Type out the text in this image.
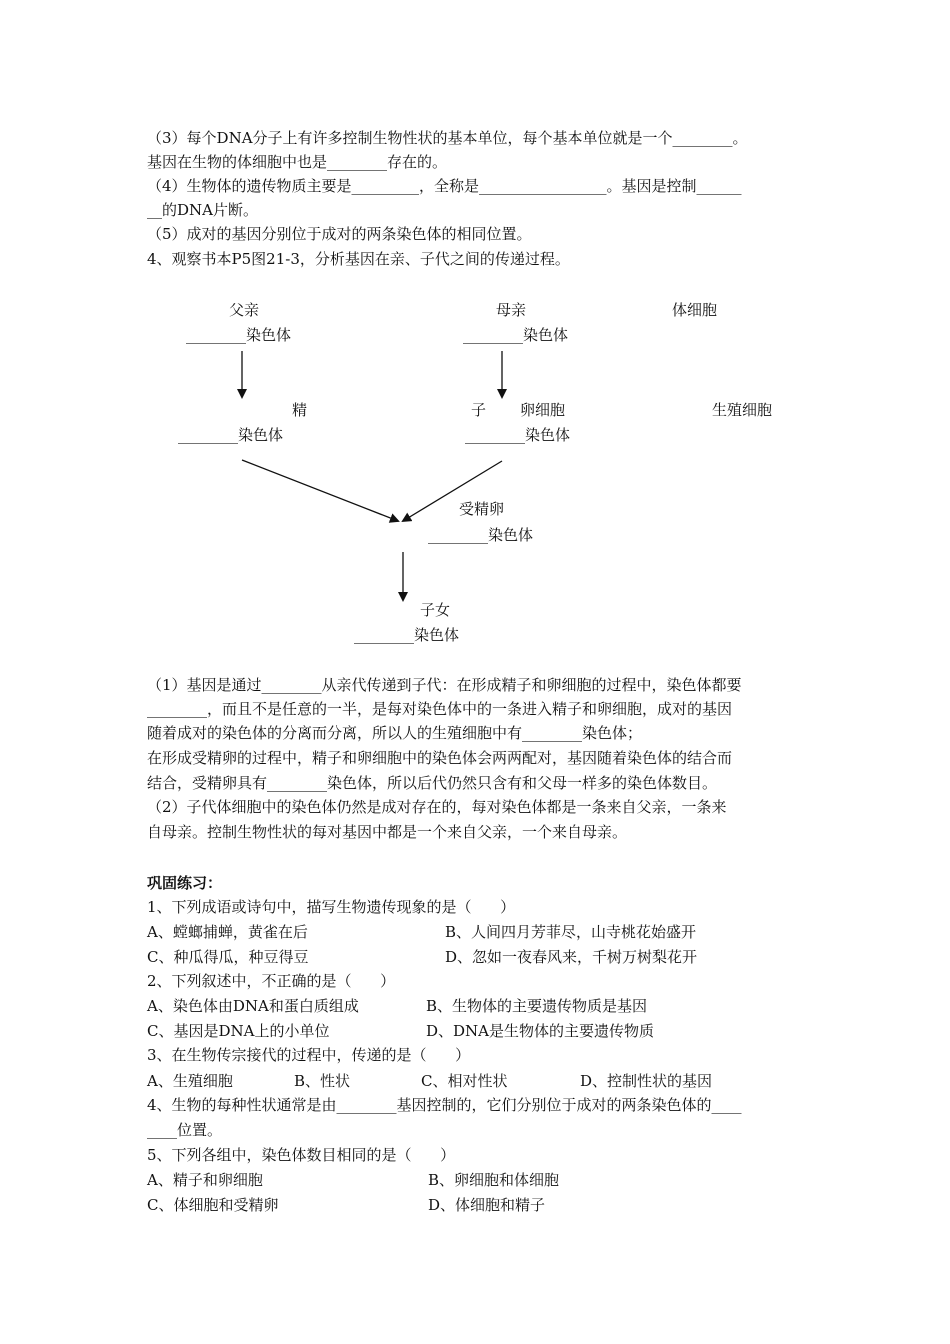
（3）每个DNA分子上有许多控制生物性状的基本单位，每个基本单位就是一个________。
基因在生物的体细胞中也是________存在的。
（4）生物体的遗传物质主要是_________，全称是_________________。基因是控制______
__的DNA片断。
（5）成对的基因分别位于成对的两条染色体的相同位置。
4、观察书本P5图21-3，分析基因在亲、子代之间的传递过程。
父亲	母亲	体细胞
________染色体	________染色体
精	子 卵细胞	生殖细胞
________染色体	________染色体
受精卵
________染色体
子女
________染色体
（1）基因是通过________从亲代传递到子代：在形成精子和卵细胞的过程中，染色体都要
________，而且不是任意的一半，是每对染色体中的一条进入精子和卵细胞，成对的基因
随着成对的染色体的分离而分离，所以人的生殖细胞中有________染色体；
在形成受精卵的过程中，精子和卵细胞中的染色体会两两配对，基因随着染色体的结合而
结合，受精卵具有________染色体，所以后代仍然只含有和父母一样多的染色体数目。
（2）子代体细胞中的染色体仍然是成对存在的，每对染色体都是一条来自父亲，一条来
自母亲。控制生物性状的每对基因中都是一个来自父亲，一个来自母亲。
巩固练习：
1、下列成语或诗句中，描写生物遗传现象的是（      ）
A、螳螂捕蝉，黄雀在后	B、人间四月芳菲尽，山寺桃花始盛开
C、种瓜得瓜，种豆得豆	D、忽如一夜春风来，千树万树梨花开
2、下列叙述中，不正确的是（      ）
A、染色体由DNA和蛋白质组成	B、生物体的主要遗传物质是基因
C、基因是DNA上的小单位	D、DNA是生物体的主要遗传物质
3、在生物传宗接代的过程中，传递的是（      ）
A、生殖细胞	B、性状	C、相对性状	D、控制性状的基因
4、生物的每种性状通常是由________基因控制的，它们分别位于成对的两条染色体的____
____位置。
5、下列各组中，染色体数目相同的是（      ）
A、精子和卵细胞	B、卵细胞和体细胞
C、体细胞和受精卵	D、体细胞和精子
